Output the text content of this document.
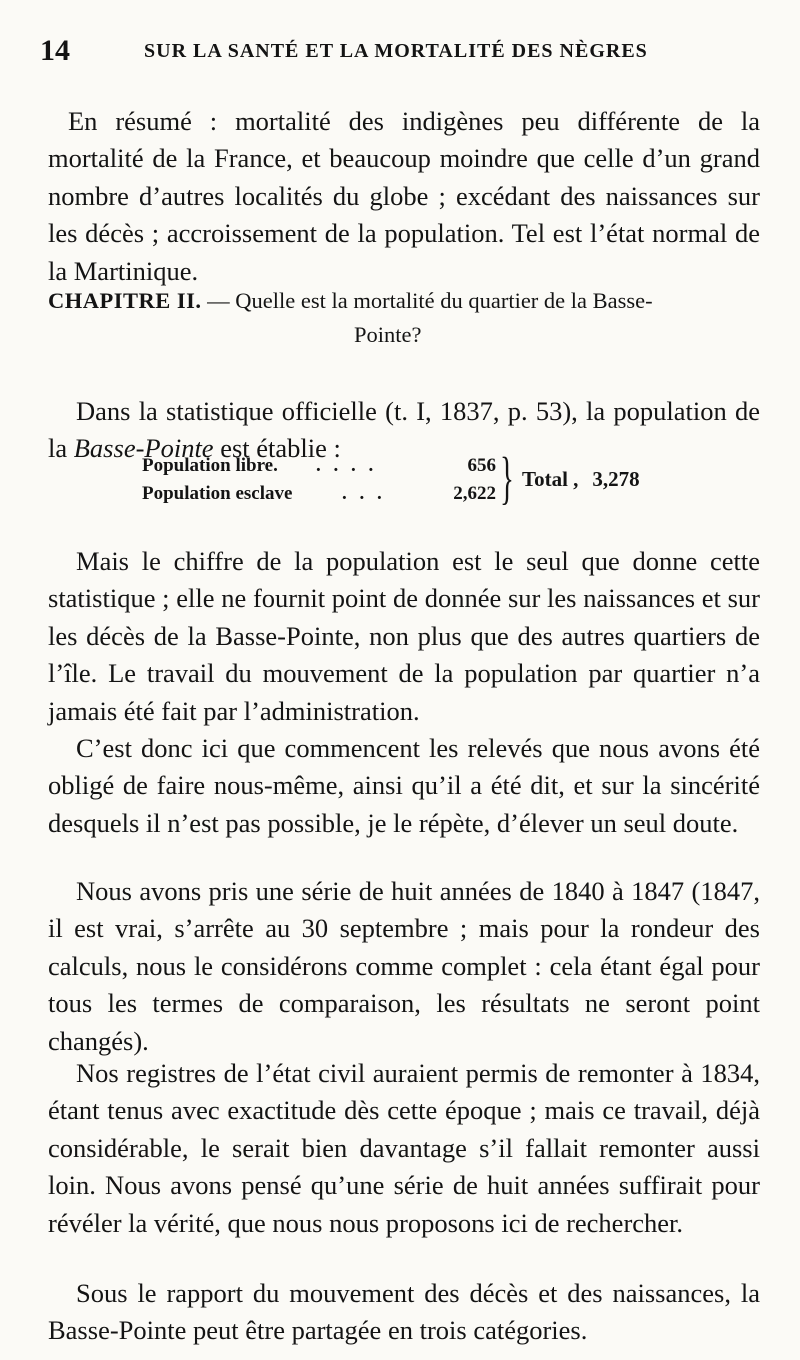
14	SUR LA SANTÉ ET LA MORTALITÉ DES NÈGRES

En résumé : mortalité des indigènes peu différente de la mortalité de la France, et beaucoup moindre que celle d’un grand nombre d’autres localités du globe ; excédant des naissances sur les décès ; accroissement de la population. Tel est l’état normal de la Martinique.

CHAPITRE II. — Quelle est la mortalité du quartier de la Basse-
Pointe?

Dans la statistique officielle (t. I, 1837, p. 53), la population de la Basse-Pointe est établie :

Population libre. . . . .	656
Population esclave	. . .	2,622 } Total , 3,278

Mais le chiffre de la population est le seul que donne cette statistique ; elle ne fournit point de donnée sur les naissances et sur les décès de la Basse-Pointe, non plus que des autres quartiers de l’île. Le travail du mouvement de la population par quartier n’a jamais été fait par l’administration.

C’est donc ici que commencent les relevés que nous avons été obligé de faire nous-même, ainsi qu’il a été dit, et sur la sincérité desquels il n’est pas possible, je le répète, d’élever un seul doute.

Nous avons pris une série de huit années de 1840 à 1847 (1847, il est vrai, s’arrête au 30 septembre ; mais pour la rondeur des calculs, nous le considérons comme complet : cela étant égal pour tous les termes de comparaison, les résultats ne seront point changés).

Nos registres de l’état civil auraient permis de remonter à 1834, étant tenus avec exactitude dès cette époque ; mais ce travail, déjà considérable, le serait bien davantage s’il fallait remonter aussi loin. Nous avons pensé qu’une série de huit années suffirait pour révéler la vérité, que nous nous proposons ici de rechercher.

Sous le rapport du mouvement des décès et des naissances, la Basse-Pointe peut être partagée en trois catégories.
